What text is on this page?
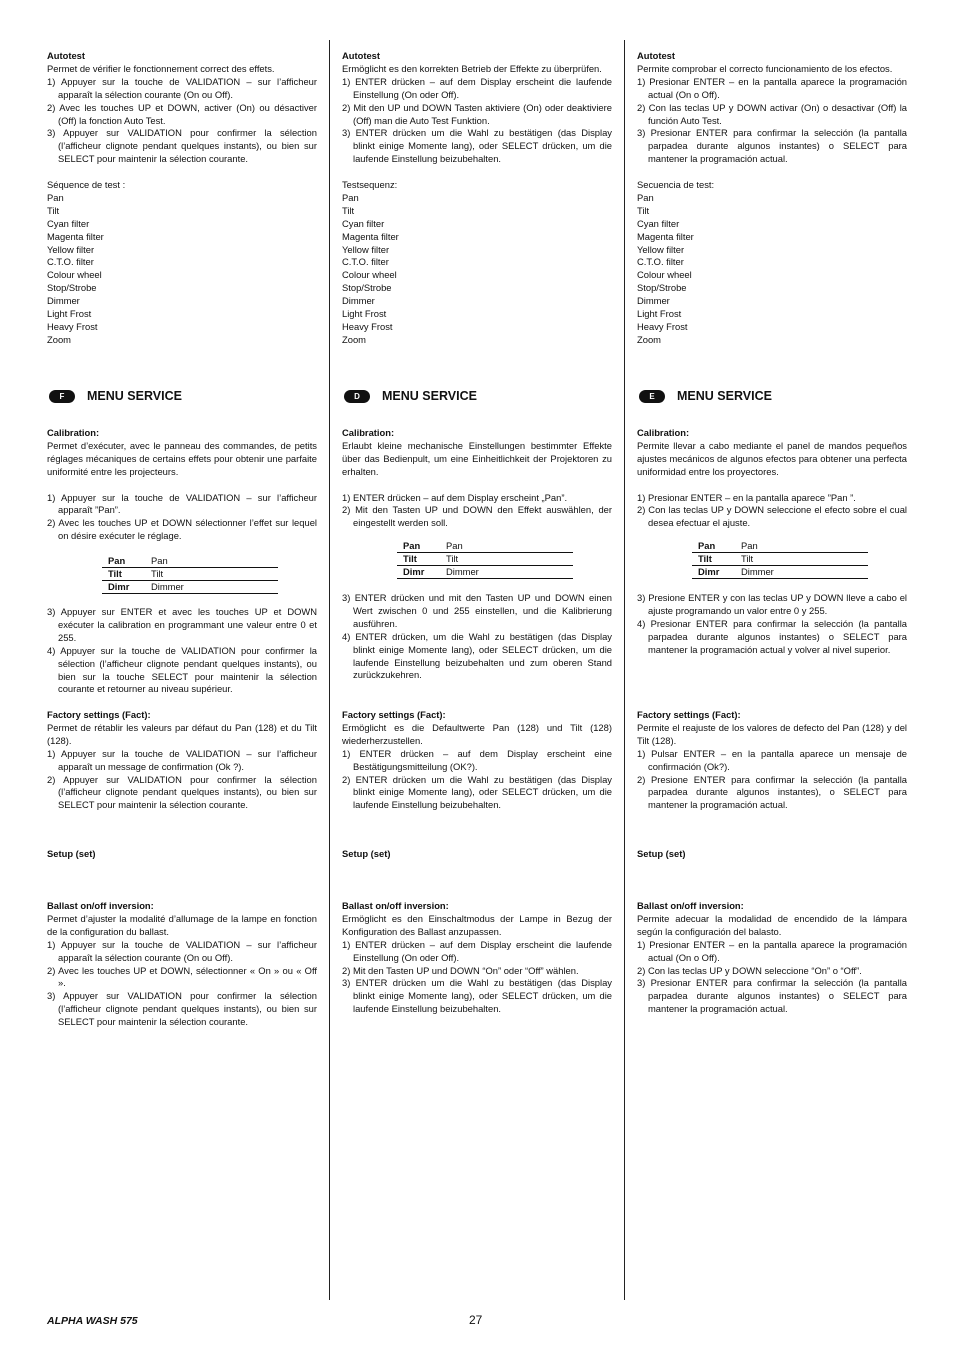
Autotest

Permet de vérifier le fonctionnement correct des effets.

1) Appuyer sur la touche de VALIDATION – sur l’afficheur apparaît la sélection courante (On ou Off).
2) Avec les touches UP et DOWN, activer (On) ou désactiver (Off) la fonction Auto Test.
3) Appuyer sur VALIDATION pour confirmer la sélection (l’afficheur clignote pendant quelques instants), ou bien sur SELECT pour maintenir la sélection courante.

Séquence de test :

Pan
Tilt
Cyan filter
Magenta filter
Yellow filter
C.T.O. filter
Colour wheel
Stop/Strobe
Dimmer
Light Frost
Heavy Frost
Zoom
F	MENU SERVICE

Calibration:

Permet d’exécuter, avec le panneau des commandes, de petits réglages mécaniques de certains effets pour obtenir une parfaite uniformité entre les projecteurs.

1) Appuyer sur la touche de VALIDATION – sur l’afficheur apparaît ”Pan”.
2) Avec les touches UP et DOWN sélectionner l’effet sur lequel on désire exécuter le réglage.
Pan	Pan
Tilt	Tilt
Dimr	Dimmer
3) Appuyer sur ENTER et avec les touches UP et DOWN exécuter la calibration en programmant une valeur entre 0 et 255.
4) Appuyer sur la touche de VALIDATION pour confirmer la sélection (l’afficheur clignote pendant quelques instants), ou bien sur la touche SELECT pour maintenir la sélection courante et retourner au niveau supérieur.

Factory settings (Fact):

Permet de rétablir les valeurs par défaut du Pan (128) et du Tilt (128).

1) Appuyer sur la touche de VALIDATION – sur l’afficheur apparaît un message de confirmation (Ok ?).
2) Appuyer sur VALIDATION pour confirmer la sélection (l’afficheur clignote pendant quelques instants), ou bien sur SELECT pour maintenir la sélection courante.

Setup (set)

Ballast on/off inversion:

Permet d’ajuster la modalité d’allumage de la lampe en fonction de la configuration du ballast.

1) Appuyer sur la touche de VALIDATION – sur l’afficheur apparaît la sélection courante (On ou Off).
2) Avec les touches UP et DOWN, sélectionner « On » ou « Off ».
3) Appuyer sur VALIDATION pour confirmer la sélection (l’afficheur clignote pendant quelques instants), ou bien sur SELECT pour maintenir la sélection courante.

Autotest

Ermöglicht es den korrekten Betrieb der Effekte zu überprüfen.

1) ENTER drücken – auf dem Display erscheint die laufende Einstellung (On oder Off).
2) Mit den UP und DOWN Tasten aktiviere (On) oder deaktiviere (Off) man die Auto Test Funktion.
3) ENTER drücken um die Wahl zu bestätigen (das Display blinkt einige Momente lang), oder SELECT drücken, um die laufende Einstellung beizubehalten.

Testsequenz:

Pan
Tilt
Cyan filter
Magenta filter
Yellow filter
C.T.O. filter
Colour wheel
Stop/Strobe
Dimmer
Light Frost
Heavy Frost
Zoom
D	MENU SERVICE

Calibration:

Erlaubt kleine mechanische Einstellungen bestimmter Effekte über das Bedienpult, um eine Einheitlichkeit der Projektoren zu erhalten.

1) ENTER drücken – auf dem Display erscheint „Pan”.
2) Mit den Tasten UP und DOWN den Effekt auswählen, der eingestellt werden soll.
Pan	Pan
Tilt	Tilt
Dimr	Dimmer
3) ENTER drücken und mit den Tasten UP und DOWN einen Wert zwischen 0 und 255 einstellen, und die Kalibrierung ausführen.
4) ENTER drücken, um die Wahl zu bestätigen (das Display blinkt einige Momente lang), oder SELECT drücken, um die laufende Einstellung beizubehalten und zum oberen Stand zurückzukehren.

Factory settings (Fact):

Ermöglicht es die Defaultwerte Pan (128) und Tilt (128) wiederherzustellen.

1) ENTER drücken – auf dem Display erscheint eine Bestätigungsmitteilung (OK?).
2) ENTER drücken um die Wahl zu bestätigen (das Display blinkt einige Momente lang), oder SELECT drücken, um die laufende Einstellung beizubehalten.

Setup (set)

Ballast on/off inversion:

Ermöglicht es den Einschaltmodus der Lampe in Bezug der Konfiguration des Ballast anzupassen.

1) ENTER drücken – auf dem Display erscheint die laufende Einstellung (On oder Off).
2) Mit den Tasten UP und DOWN “On” oder “Off” wählen.
3) ENTER drücken um die Wahl zu bestätigen (das Display blinkt einige Momente lang), oder SELECT drücken, um die laufende Einstellung beizubehalten.

Autotest

Permite comprobar el correcto funcionamiento de los efectos.

1) Presionar ENTER – en la pantalla aparece la programación actual (On o Off).
2) Con las teclas UP y DOWN activar (On) o desactivar (Off) la función Auto Test.
3) Presionar ENTER para confirmar la selección (la pantalla parpadea durante algunos instantes) o SELECT para mantener la programación actual.

Secuencia de test:

Pan
Tilt
Cyan filter
Magenta filter
Yellow filter
C.T.O. filter
Colour wheel
Stop/Strobe
Dimmer
Light Frost
Heavy Frost
Zoom
E	MENU SERVICE

Calibration:

Permite llevar a cabo mediante el panel de mandos pequeños ajustes mecánicos de algunos efectos para obtener una perfecta uniformidad entre los proyectores.

1) Presionar ENTER – en la pantalla aparece ”Pan ”.
2) Con las teclas UP y DOWN seleccione el efecto sobre el cual desea efectuar el ajuste.
Pan	Pan
Tilt	Tilt
Dimr	Dimmer
3) Presione ENTER y con las teclas UP y DOWN lleve a cabo el ajuste programando un valor entre 0 y 255.
4) Presionar ENTER para confirmar la selección (la pantalla parpadea durante algunos instantes) o SELECT para mantener la programación actual y volver al nivel superior.

Factory settings (Fact):

Permite el reajuste de los valores de defecto del Pan (128) y del Tilt (128).

1) Pulsar ENTER – en la pantalla aparece un mensaje de confirmación (Ok?).
2) Presione ENTER para confirmar la selección (la pantalla parpadea durante algunos instantes), o SELECT para mantener la programación actual.

Setup (set)

Ballast on/off inversion:

Permite adecuar la modalidad de encendido de la lámpara según la configuración del balasto.

1) Presionar ENTER – en la pantalla aparece la programación actual (On o Off).
2) Con las teclas UP y DOWN seleccione “On” o “Off”.
3) Presionar ENTER para confirmar la selección (la pantalla parpadea durante algunos instantes) o SELECT para mantener la programación actual.
ALPHA WASH 575	27
